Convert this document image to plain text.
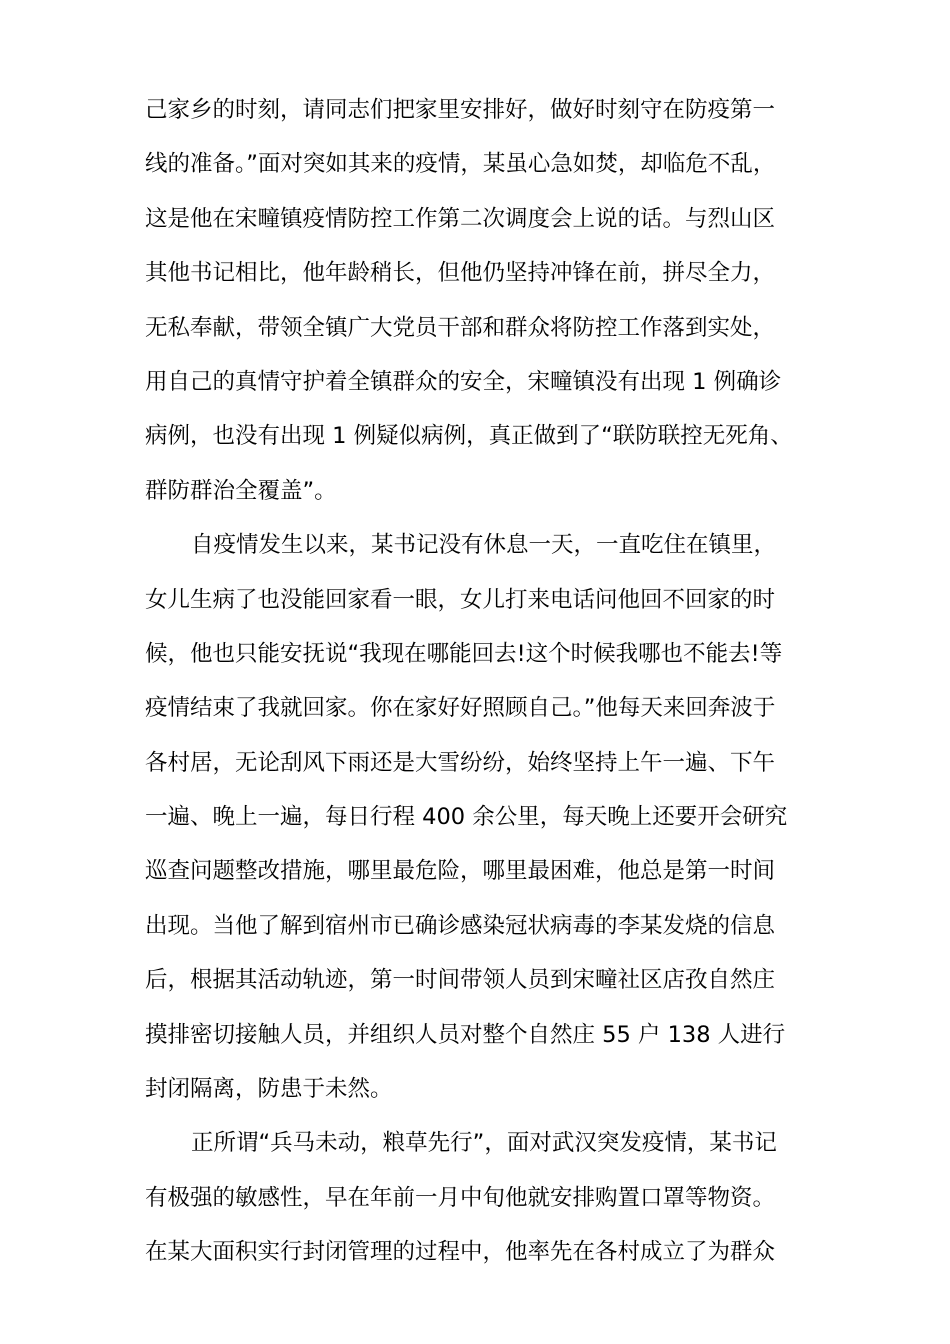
己家乡的时刻，请同志们把家里安排好，做好时刻守在防疫第一
线的准备。”面对突如其来的疫情，某虽心急如焚，却临危不乱，
这是他在宋疃镇疫情防控工作第二次调度会上说的话。与烈山区
其他书记相比，他年龄稍长，但他仍坚持冲锋在前，拼尽全力，
无私奉献，带领全镇广大党员干部和群众将防控工作落到实处，
用自己的真情守护着全镇群众的安全，宋疃镇没有出现 1 例确诊
病例，也没有出现 1 例疑似病例，真正做到了“联防联控无死角、
群防群治全覆盖”。
自疫情发生以来，某书记没有休息一天，一直吃住在镇里，
女儿生病了也没能回家看一眼，女儿打来电话问他回不回家的时
候，他也只能安抚说“我现在哪能回去!这个时候我哪也不能去!等
疫情结束了我就回家。你在家好好照顾自己。”他每天来回奔波于
各村居，无论刮风下雨还是大雪纷纷，始终坚持上午一遍、下午
一遍、晚上一遍，每日行程 400 余公里，每天晚上还要开会研究
巡查问题整改措施，哪里最危险，哪里最困难，他总是第一时间
出现。当他了解到宿州市已确诊感染冠状病毒的李某发烧的信息
后，根据其活动轨迹，第一时间带领人员到宋疃社区店孜自然庄
摸排密切接触人员，并组织人员对整个自然庄 55 户 138 人进行
封闭隔离，防患于未然。
正所谓“兵马未动，粮草先行”，面对武汉突发疫情，某书记
有极强的敏感性，早在年前一月中旬他就安排购置口罩等物资。
在某大面积实行封闭管理的过程中，他率先在各村成立了为群众
